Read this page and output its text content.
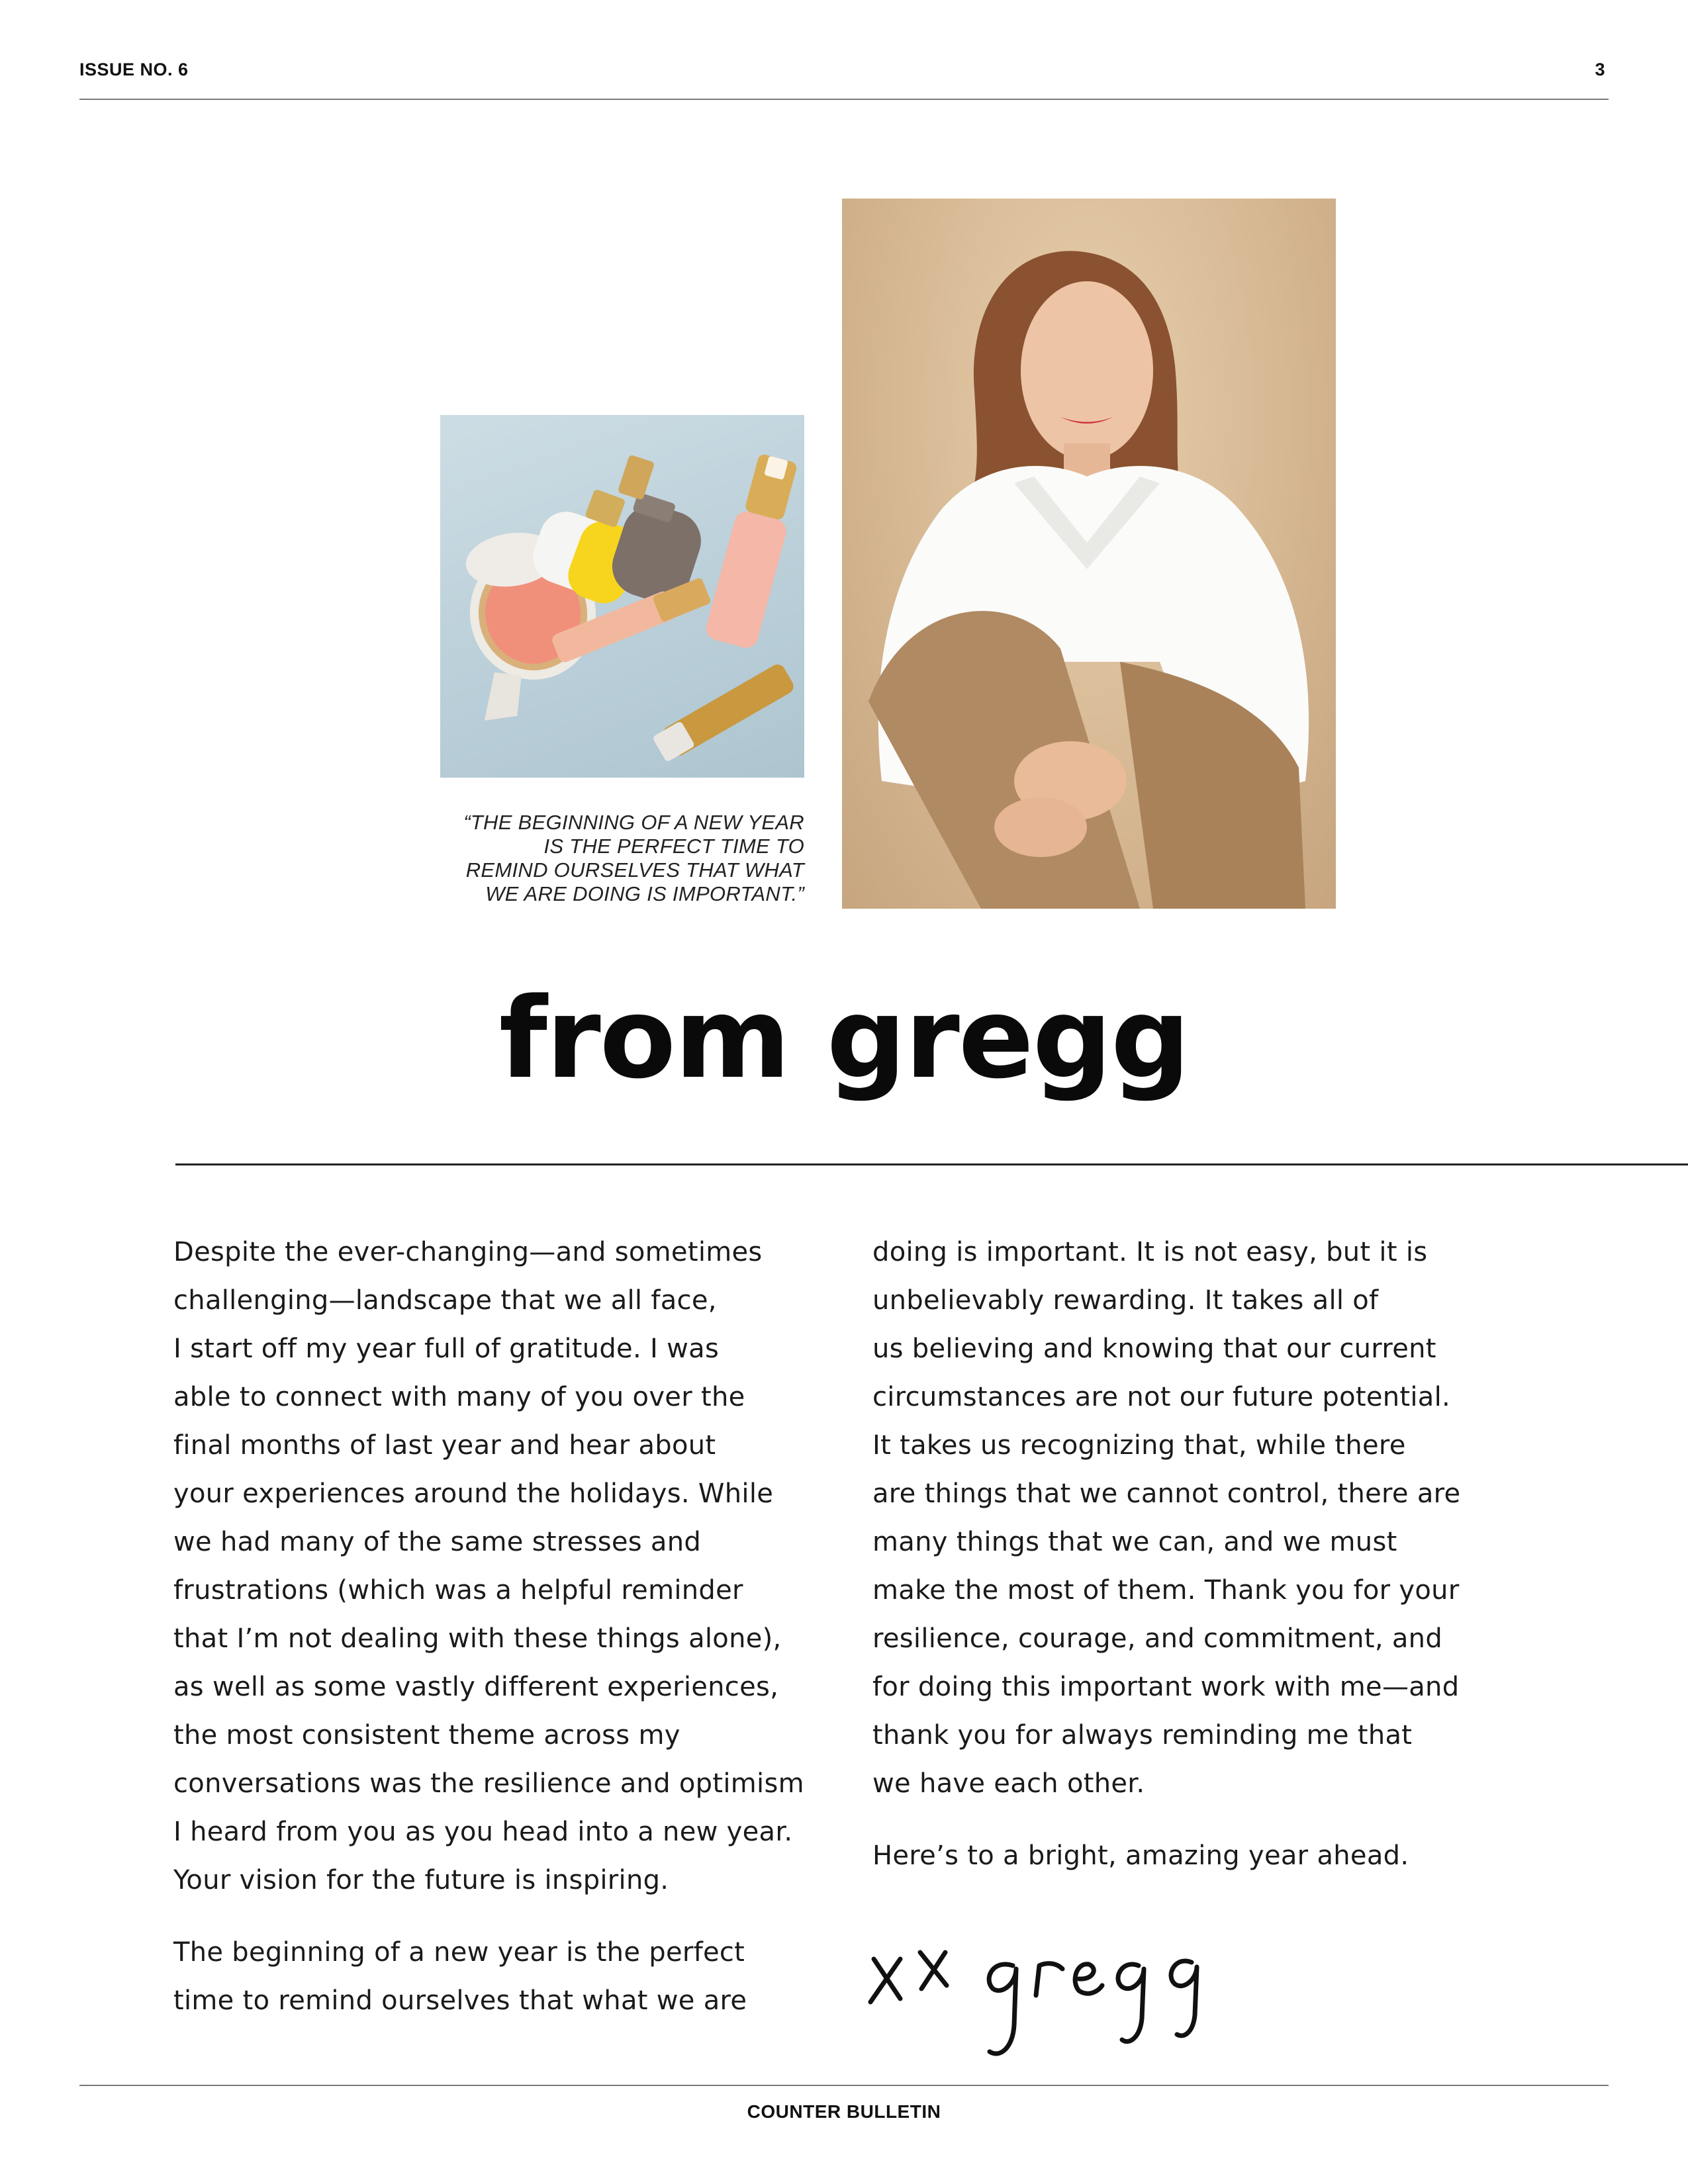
ISSUE NO. 6	3
“THE BEGINNING OF A NEW YEAR
IS THE PERFECT TIME TO
REMIND OURSELVES THAT WHAT
WE ARE DOING IS IMPORTANT.”
from gregg

Despite the ever-changing—and sometimes
challenging—landscape that we all face,
I start off my year full of gratitude. I was
able to connect with many of you over the
final months of last year and hear about
your experiences around the holidays. While
we had many of the same stresses and
frustrations (which was a helpful reminder
that I’m not dealing with these things alone),
as well as some vastly different experiences,
the most consistent theme across my
conversations was the resilience and optimism
I heard from you as you head into a new year.
Your vision for the future is inspiring.

The beginning of a new year is the perfect
time to remind ourselves that what we are

doing is important. It is not easy, but it is
unbelievably rewarding. It takes all of
us believing and knowing that our current
circumstances are not our future potential.
It takes us recognizing that, while there
are things that we cannot control, there are
many things that we can, and we must
make the most of them. Thank you for your
resilience, courage, and commitment, and
for doing this important work with me—and
thank you for always reminding me that
we have each other.

Here’s to a bright, amazing year ahead.

COUNTER BULLETIN
